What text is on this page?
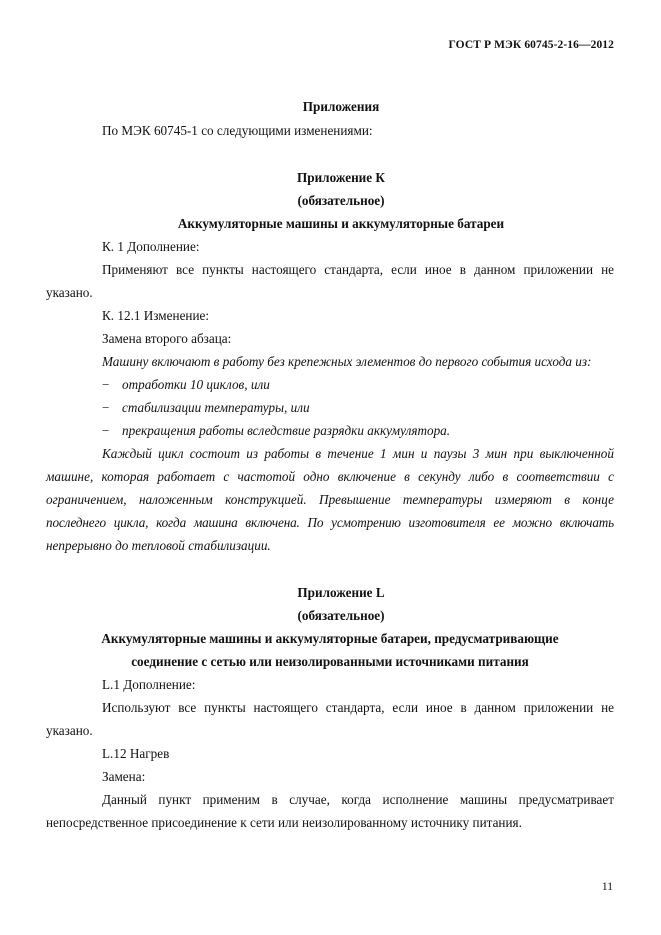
ГОСТ Р МЭК 60745-2-16—2012
Приложения
По МЭК 60745-1 со следующими изменениями:
Приложение К
(обязательное)
Аккумуляторные машины и аккумуляторные батареи
К. 1 Дополнение:
Применяют все пункты настоящего стандарта, если иное в данном приложении не
указано.
К. 12.1 Изменение:
Замена второго абзаца:
Машину включают в работу без крепежных элементов до первого события исхода из:
− отработки 10 циклов, или
− стабилизации температуры, или
− прекращения работы вследствие разрядки аккумулятора.
Каждый цикл состоит из работы в течение 1 мин и паузы 3 мин при выключенной
машине, которая работает с частотой одно включение в секунду либо в соответствии с
ограничением, наложенным конструкцией. Превышение температуры измеряют в конце
последнего цикла, когда машина включена. По усмотрению изготовителя ее можно включать
непрерывно до тепловой стабилизации.
Приложение L
(обязательное)
Аккумуляторные машины и аккумуляторные батареи, предусматривающие
соединение с сетью или неизолированными источниками питания
L.1 Дополнение:
Используют все пункты настоящего стандарта, если иное в данном приложении не
указано.
L.12 Нагрев
Замена:
Данный пункт применим в случае, когда исполнение машины предусматривает
непосредственное присоединение к сети или неизолированному источнику питания.
11
